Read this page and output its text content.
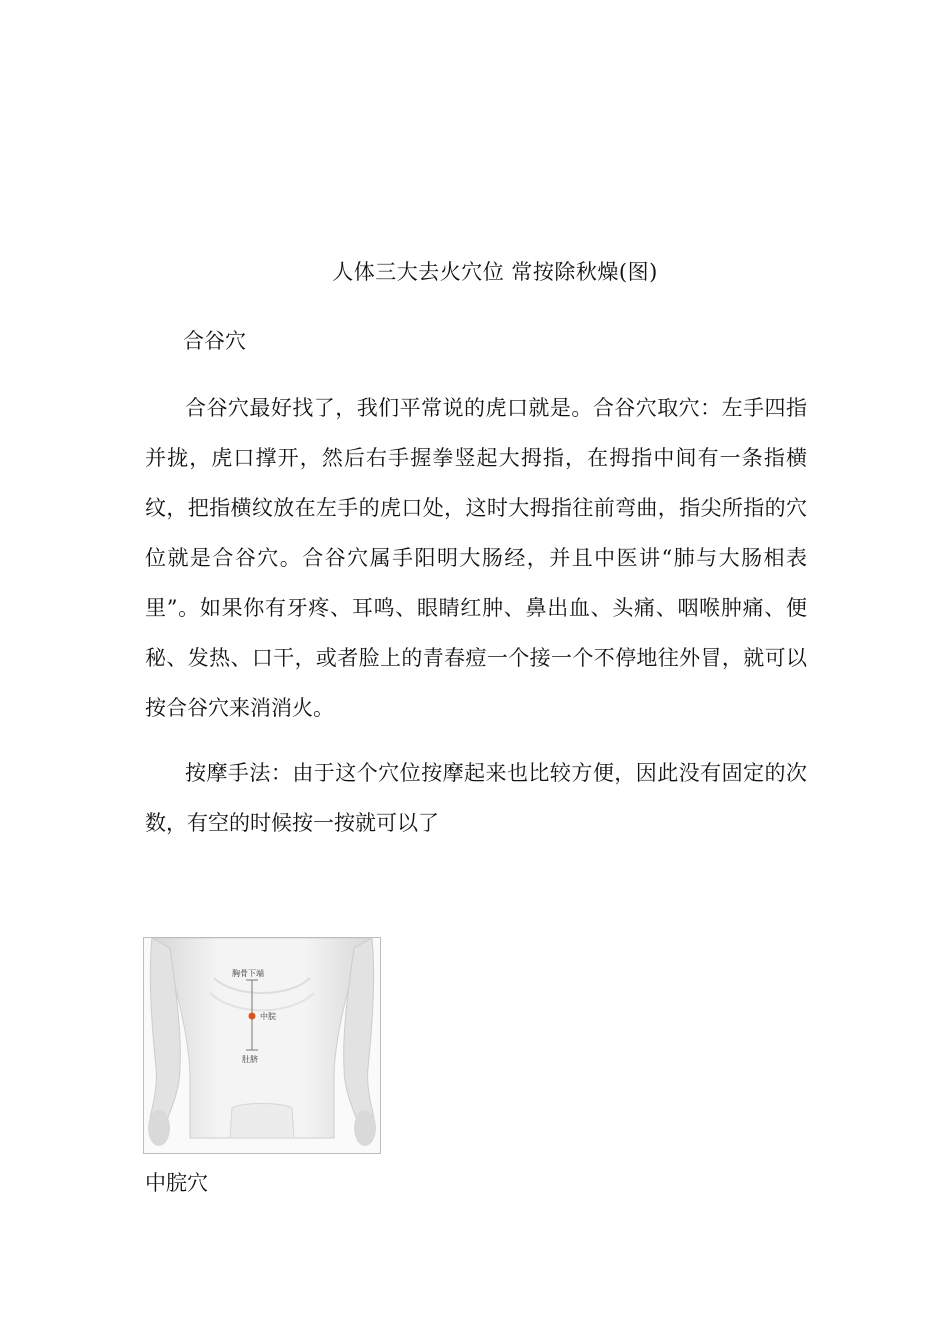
人体三大去火穴位 常按除秋燥(图)
合谷穴

合谷穴最好找了，我们平常说的虎口就是。合谷穴取穴：左手四指并拢，虎口撑开，然后右手握拳竖起大拇指，在拇指中间有一条指横纹，把指横纹放在左手的虎口处，这时大拇指往前弯曲，指尖所指的穴位就是合谷穴。合谷穴属手阳明大肠经，并且中医讲“肺与大肠相表里”。如果你有牙疼、耳鸣、眼睛红肿、鼻出血、头痛、咽喉肿痛、便秘、发热、口干，或者脸上的青春痘一个接一个不停地往外冒，就可以按合谷穴来消消火。

按摩手法：由于这个穴位按摩起来也比较方便，因此没有固定的次数，有空的时候按一按就可以了

胸骨下端
中脘
肚脐
中脘穴
